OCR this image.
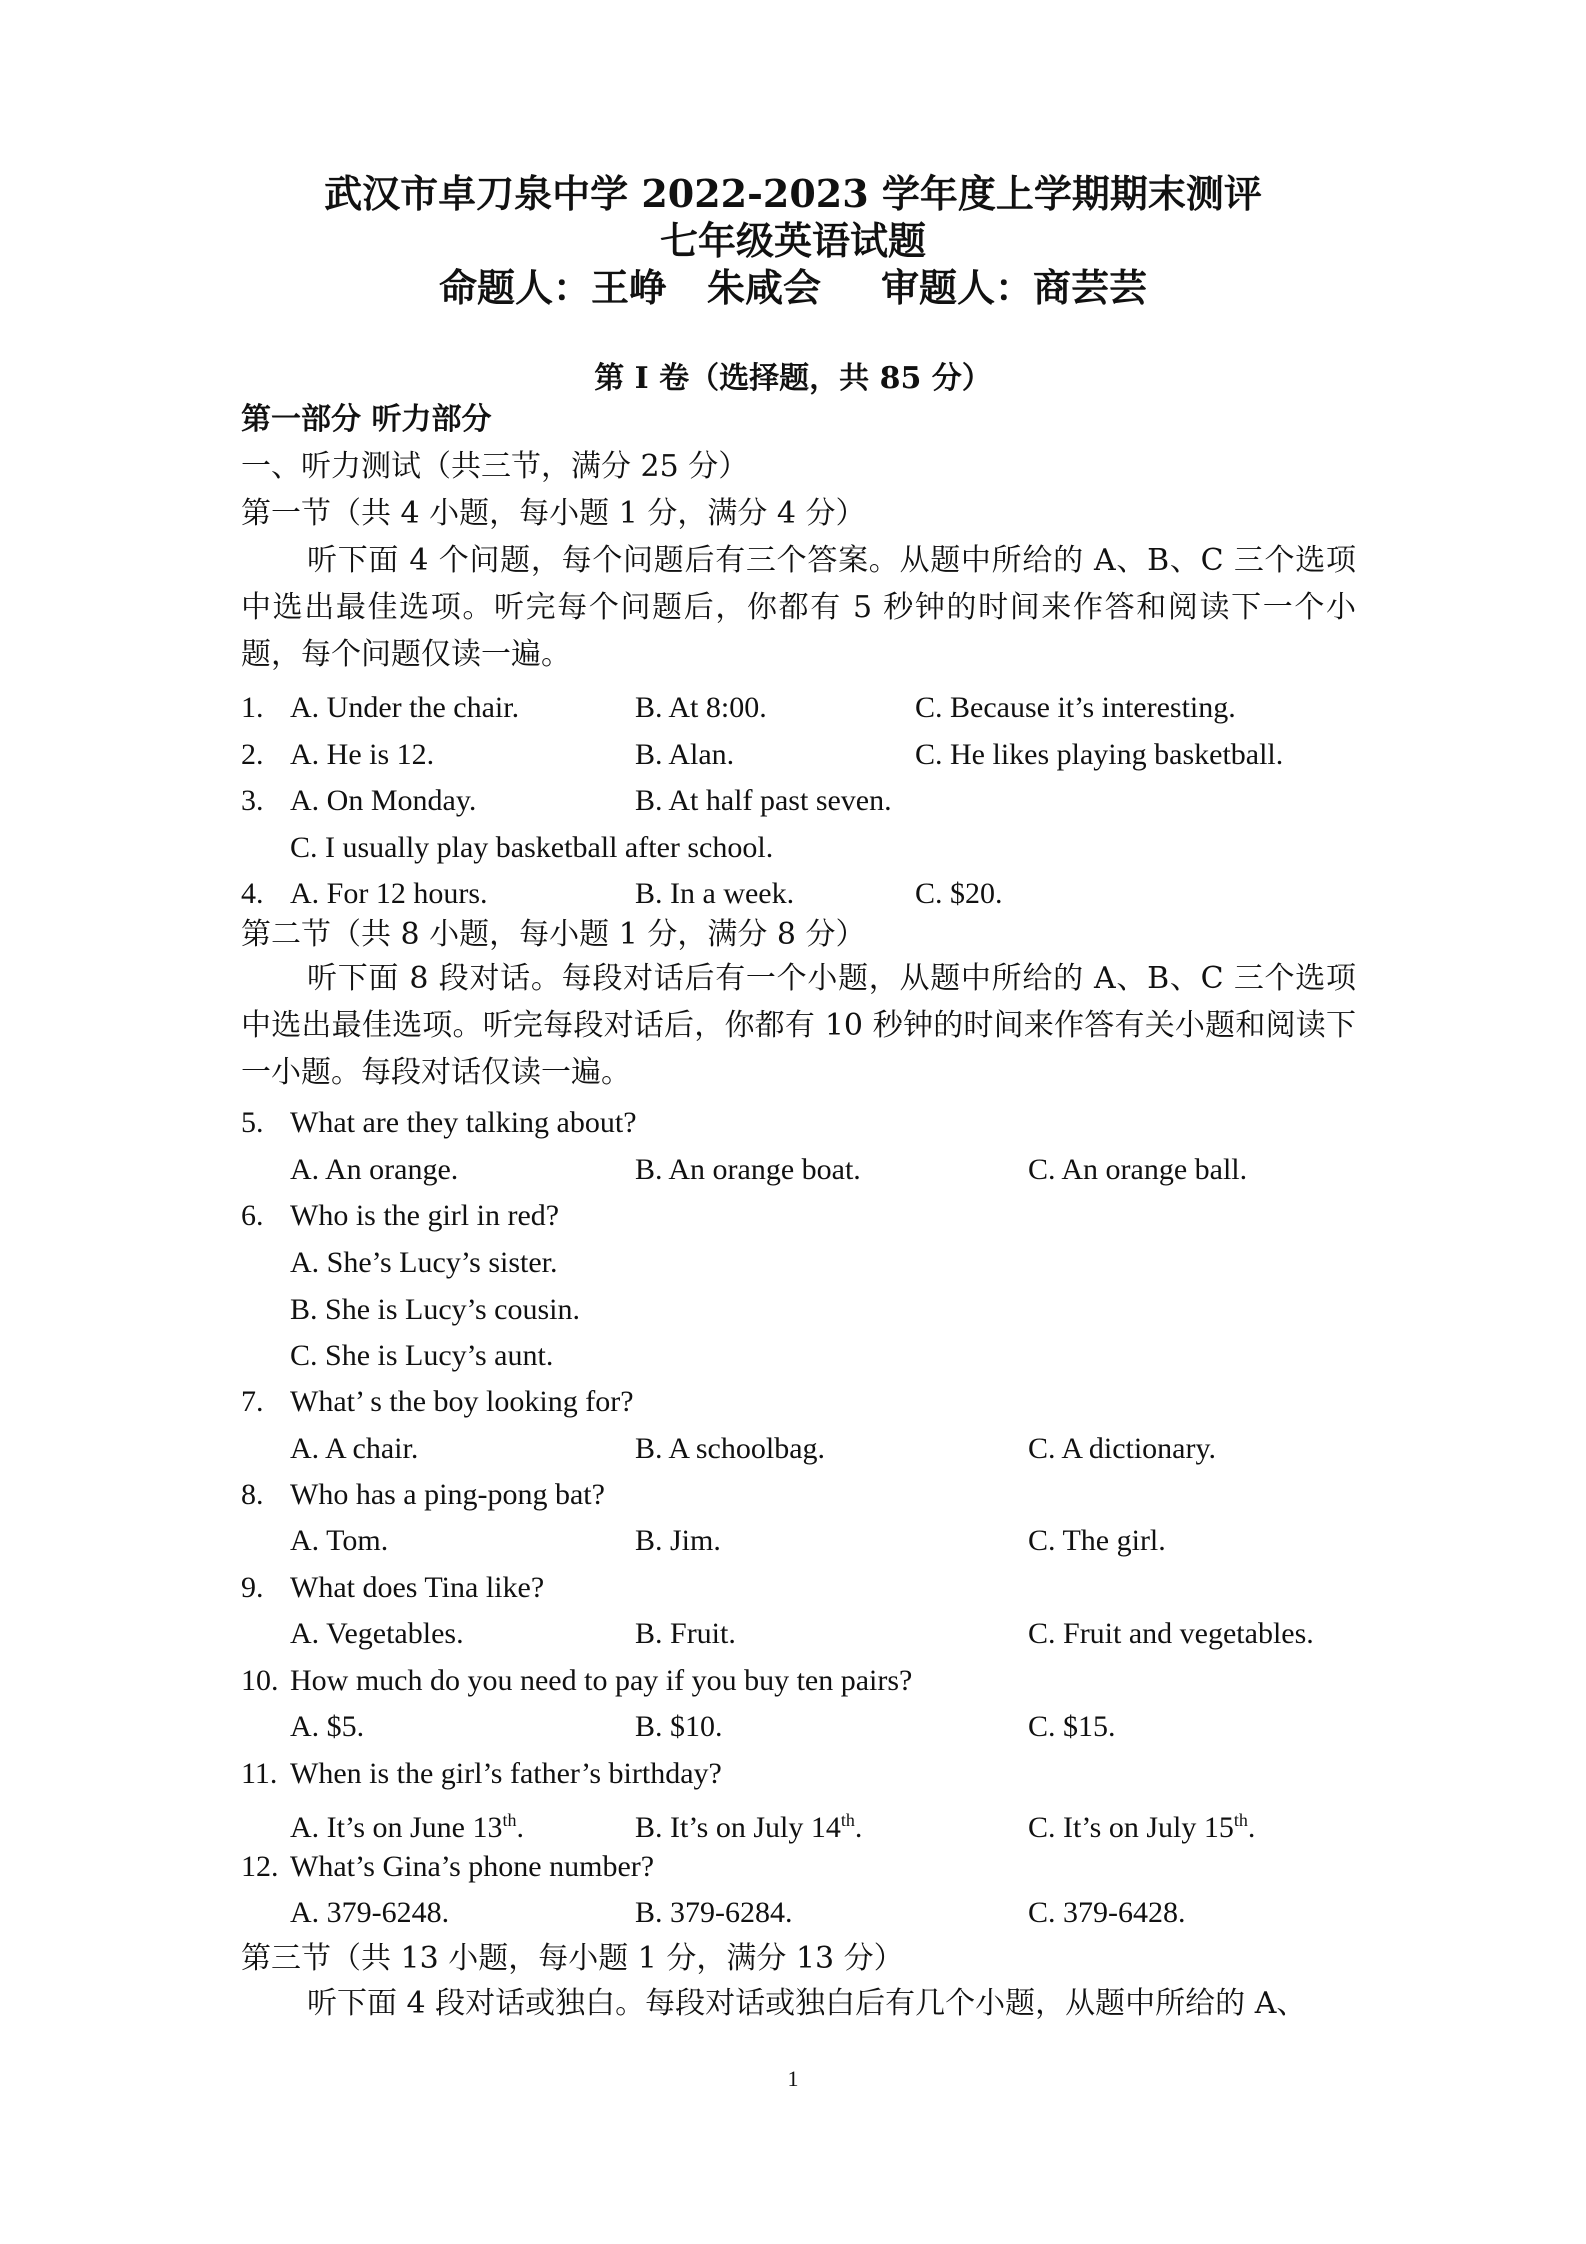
武汉市卓刀泉中学 2022-2023 学年度上学期期末测评
七年级英语试题
命题人：王峥 朱咸会 审题人：商芸芸
第 I 卷（选择题，共 85 分）
第一部分 听力部分
一、听力测试（共三节，满分 25 分）
第一节（共 4 小题，每小题 1 分，满分 4 分）
听下面 4 个问题，每个问题后有三个答案。从题中所给的 A、B、C 三个选项中选出最佳选项。听完每个问题后，你都有 5 秒钟的时间来作答和阅读下一个小题，每个问题仅读一遍。
1. A. Under the chair.	B. At 8:00.	C. Because it’s interesting.
2. A. He is 12.	B. Alan.	C. He likes playing basketball.
3. A. On Monday.	B. At half past seven.
C. I usually play basketball after school.
4. A. For 12 hours.	B. In a week.	C. $20.
第二节（共 8 小题，每小题 1 分，满分 8 分）
听下面 8 段对话。每段对话后有一个小题，从题中所给的 A、B、C 三个选项中选出最佳选项。听完每段对话后，你都有 10 秒钟的时间来作答有关小题和阅读下一小题。每段对话仅读一遍。
5. What are they talking about?
A. An orange.	B. An orange boat.	C. An orange ball.
6. Who is the girl in red?
A. She’s Lucy’s sister.
B. She is Lucy’s cousin.
C. She is Lucy’s aunt.
7. What’ s the boy looking for?
A. A chair.	B. A schoolbag.	C. A dictionary.
8. Who has a ping-pong bat?
A. Tom.	B. Jim.	C. The girl.
9. What does Tina like?
A. Vegetables.	B. Fruit.	C. Fruit and vegetables.
10. How much do you need to pay if you buy ten pairs?
A. $5.	B. $10.	C. $15.
11. When is the girl’s father’s birthday?
A. It’s on June 13th.	B. It’s on July 14th.	C. It’s on July 15th.
12. What’s Gina’s phone number?
A. 379-6248.	B. 379-6284.	C. 379-6428.
第三节（共 13 小题，每小题 1 分，满分 13 分）
听下面 4 段对话或独白。每段对话或独白后有几个小题，从题中所给的 A、
1
